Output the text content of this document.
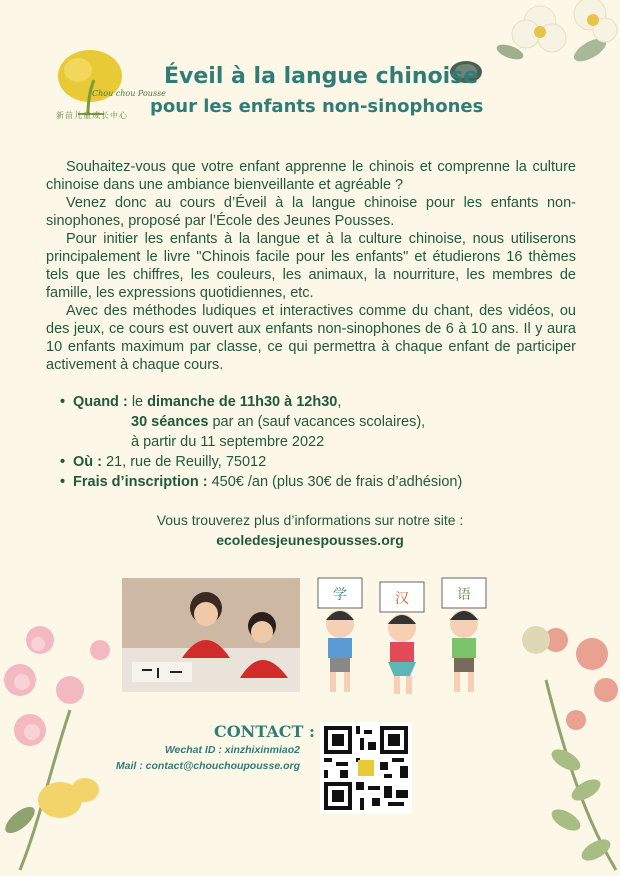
Chou chou Pousse
新苗儿童成长中心
Éveil à la langue chinoise
pour les enfants non-sinophones

Souhaitez-vous que votre enfant apprenne le chinois et comprenne la culture chinoise dans une ambiance bienveillante et agréable ?

Venez donc au cours d’Éveil à la langue chinoise pour les enfants non-sinophones, proposé par l’École des Jeunes Pousses.

Pour initier les enfants à la langue et à la culture chinoise, nous utiliserons principalement le livre "Chinois facile pour les enfants" et étudierons 16 thèmes tels que les chiffres, les couleurs, les animaux, la nourriture, les membres de famille, les expressions quotidiennes, etc.

Avec des méthodes ludiques et interactives comme du chant, des vidéos, ou des jeux, ce cours est ouvert aux enfants non-sinophones de 6 à 10 ans. Il y aura 10 enfants maximum par classe, ce qui permettra à chaque enfant de participer activement à chaque cours.

• Quand : le dimanche de 11h30 à 12h30,
30 séances par an (sauf vacances scolaires),
à partir du 11 septembre 2022
• Où : 21, rue de Reuilly, 75012
• Frais d’inscription : 450€ /an (plus 30€ de frais d’adhésion)
Vous trouverez plus d’informations sur notre site :
ecoledesjeunespousses.org
学	汉	语
CONTACT :
Wechat ID : xinzhixinmiao2
Mail : contact@chouchoupousse.org
